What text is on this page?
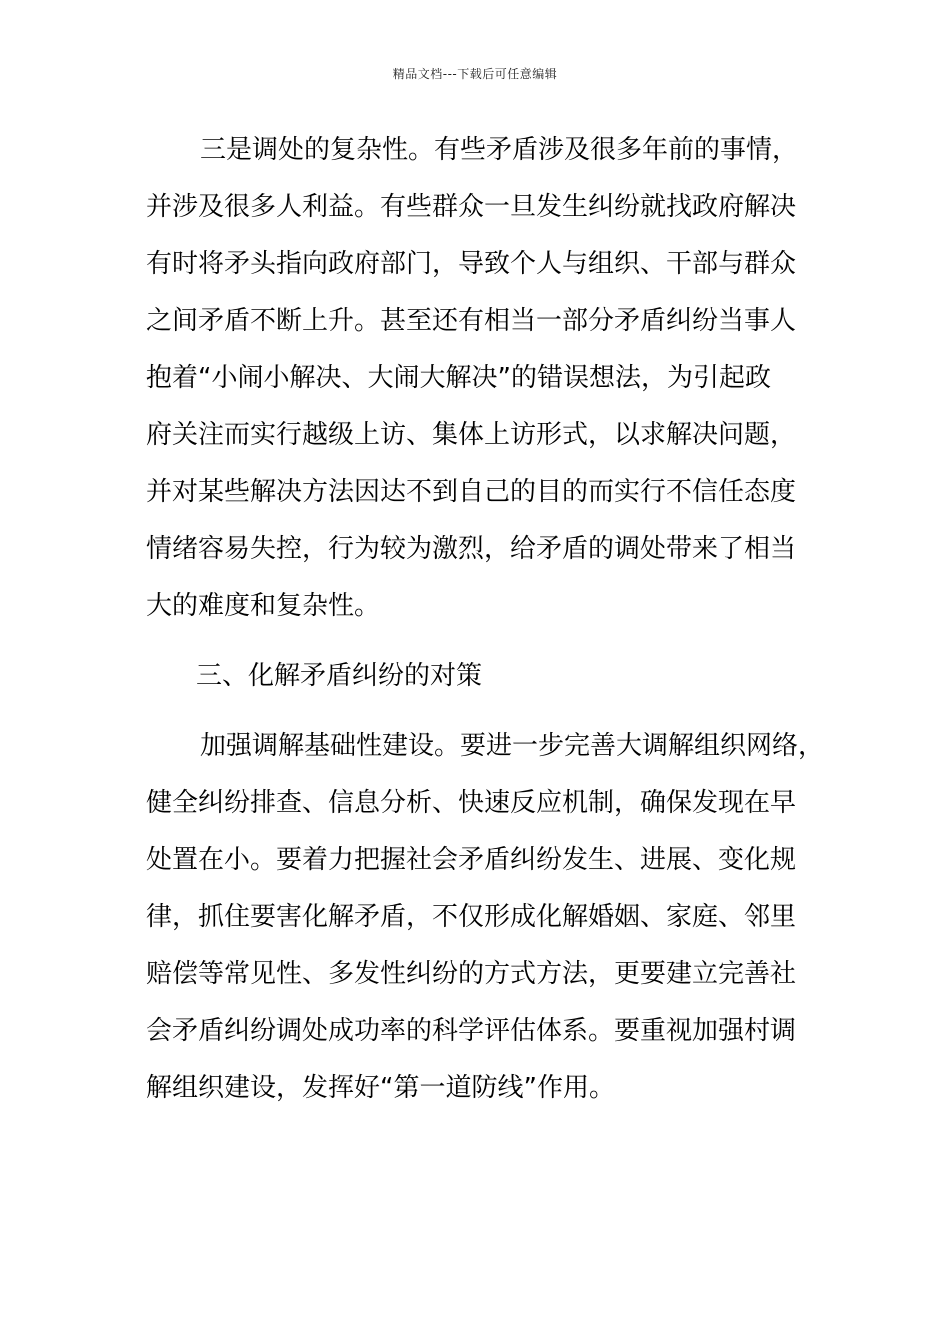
精品文档---下载后可任意编辑
三是调处的复杂性。有些矛盾涉及很多年前的事情，
并涉及很多人利益。有些群众一旦发生纠纷就找政府解决
有时将矛头指向政府部门，导致个人与组织、干部与群众
之间矛盾不断上升。甚至还有相当一部分矛盾纠纷当事人
抱着“小闹小解决、大闹大解决”的错误想法，为引起政
府关注而实行越级上访、集体上访形式，以求解决问题，
并对某些解决方法因达不到自己的目的而实行不信任态度
情绪容易失控，行为较为激烈，给矛盾的调处带来了相当
大的难度和复杂性。
三、化解矛盾纠纷的对策
加强调解基础性建设。要进一步完善大调解组织网络，
健全纠纷排查、信息分析、快速反应机制，确保发现在早
处置在小。要着力把握社会矛盾纠纷发生、进展、变化规
律，抓住要害化解矛盾，不仅形成化解婚姻、家庭、邻里
赔偿等常见性、多发性纠纷的方式方法，更要建立完善社
会矛盾纠纷调处成功率的科学评估体系。要重视加强村调
解组织建设，发挥好“第一道防线”作用。
